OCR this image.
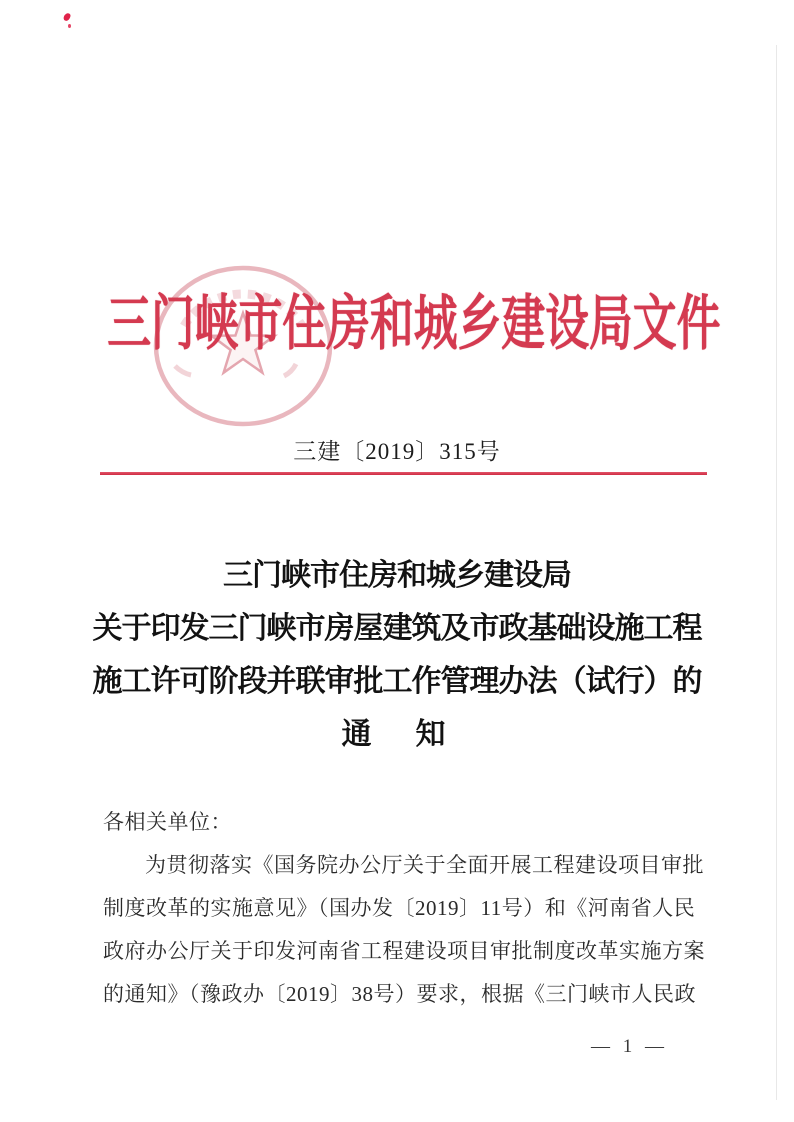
三门峡市住房和城乡建设局文件
三建〔2019〕315号
三门峡市住房和城乡建设局
关于印发三门峡市房屋建筑及市政基础设施工程
施工许可阶段并联审批工作管理办法（试行）的
通　知
各相关单位：
为贯彻落实《国务院办公厅关于全面开展工程建设项目审批
制度改革的实施意见》（国办发〔2019〕11号）和《河南省人民
政府办公厅关于印发河南省工程建设项目审批制度改革实施方案
的通知》（豫政办〔2019〕38号）要求，根据《三门峡市人民政
— 1 —
